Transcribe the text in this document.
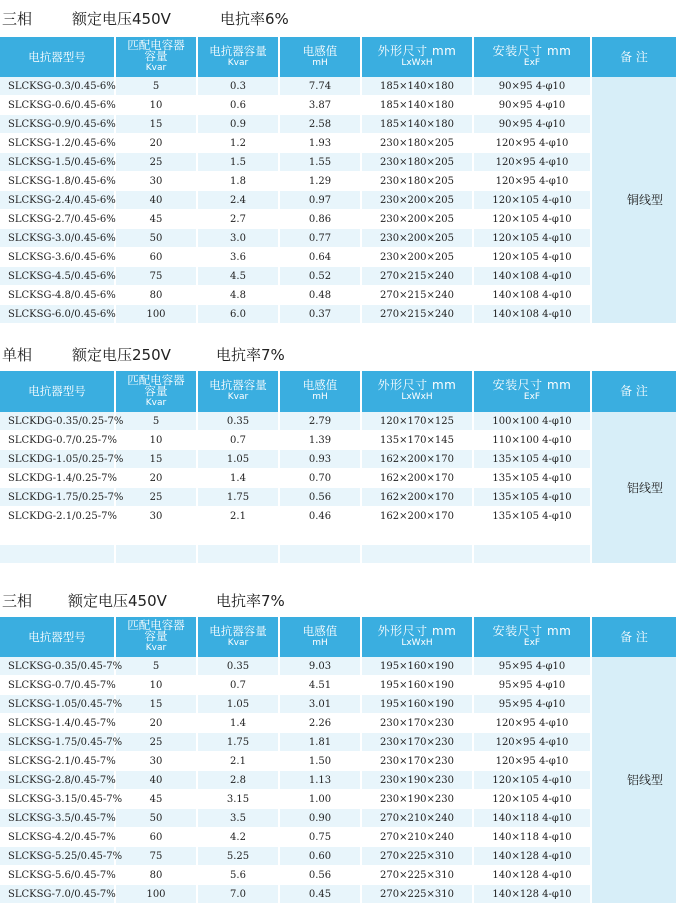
三相	额定电压450V	电抗率6%
电抗器型号	匹配电容器
容量
Kvar	电抗器容量
Kvar	电感值
mH	外形尺寸 mm
LxWxH	安装尺寸 mm
ExF	备 注
SLCKSG-0.3/0.45-6%	5	0.3	7.74	185×140×180	90×95 4-φ10	铜线型
SLCKSG-0.6/0.45-6%	10	0.6	3.87	185×140×180	90×95 4-φ10	
SLCKSG-0.9/0.45-6%	15	0.9	2.58	185×140×180	90×95 4-φ10	
SLCKSG-1.2/0.45-6%	20	1.2	1.93	230×180×205	120×95 4-φ10	
SLCKSG-1.5/0.45-6%	25	1.5	1.55	230×180×205	120×95 4-φ10	
SLCKSG-1.8/0.45-6%	30	1.8	1.29	230×180×205	120×95 4-φ10	
SLCKSG-2.4/0.45-6%	40	2.4	0.97	230×200×205	120×105 4-φ10	
SLCKSG-2.7/0.45-6%	45	2.7	0.86	230×200×205	120×105 4-φ10	
SLCKSG-3.0/0.45-6%	50	3.0	0.77	230×200×205	120×105 4-φ10	
SLCKSG-3.6/0.45-6%	60	3.6	0.64	230×200×205	120×105 4-φ10	
SLCKSG-4.5/0.45-6%	75	4.5	0.52	270×215×240	140×108 4-φ10	
SLCKSG-4.8/0.45-6%	80	4.8	0.48	270×215×240	140×108 4-φ10	
SLCKSG-6.0/0.45-6%	100	6.0	0.37	270×215×240	140×108 4-φ10	
单相	额定电压250V	电抗率7%
电抗器型号	匹配电容器
容量
Kvar	电抗器容量
Kvar	电感值
mH	外形尺寸 mm
LxWxH	安装尺寸 mm
ExF	备 注
SLCKDG-0.35/0.25-7%	5	0.35	2.79	120×170×125	100×100 4-φ10	铝线型
SLCKDG-0.7/0.25-7%	10	0.7	1.39	135×170×145	110×100 4-φ10	
SLCKDG-1.05/0.25-7%	15	1.05	0.93	162×200×170	135×105 4-φ10	
SLCKDG-1.4/0.25-7%	20	1.4	0.70	162×200×170	135×105 4-φ10	
SLCKDG-1.75/0.25-7%	25	1.75	0.56	162×200×170	135×105 4-φ10	
SLCKDG-2.1/0.25-7%	30	2.1	0.46	162×200×170	135×105 4-φ10	

三相 额定电压450V	电抗率7%
电抗器型号	匹配电容器
容量
Kvar	电抗器容量
Kvar	电感值
mH	外形尺寸 mm
LxWxH	安装尺寸 mm
ExF	备 注
SLCKSG-0.35/0.45-7%	5	0.35	9.03	195×160×190	95×95 4-φ10	铝线型
SLCKSG-0.7/0.45-7%	10	0.7	4.51	195×160×190	95×95 4-φ10	
SLCKSG-1.05/0.45-7%	15	1.05	3.01	195×160×190	95×95 4-φ10	
SLCKSG-1.4/0.45-7%	20	1.4	2.26	230×170×230	120×95 4-φ10	
SLCKSG-1.75/0.45-7%	25	1.75	1.81	230×170×230	120×95 4-φ10	
SLCKSG-2.1/0.45-7%	30	2.1	1.50	230×170×230	120×95 4-φ10	
SLCKSG-2.8/0.45-7%	40	2.8	1.13	230×190×230	120×105 4-φ10	
SLCKSG-3.15/0.45-7%	45	3.15	1.00	230×190×230	120×105 4-φ10	
SLCKSG-3.5/0.45-7%	50	3.5	0.90	270×210×240	140×118 4-φ10	
SLCKSG-4.2/0.45-7%	60	4.2	0.75	270×210×240	140×118 4-φ10	
SLCKSG-5.25/0.45-7%	75	5.25	0.60	270×225×310	140×128 4-φ10	
SLCKSG-5.6/0.45-7%	80	5.6	0.56	270×225×310	140×128 4-φ10	
SLCKSG-7.0/0.45-7%	100	7.0	0.45	270×225×310	140×128 4-φ10	
